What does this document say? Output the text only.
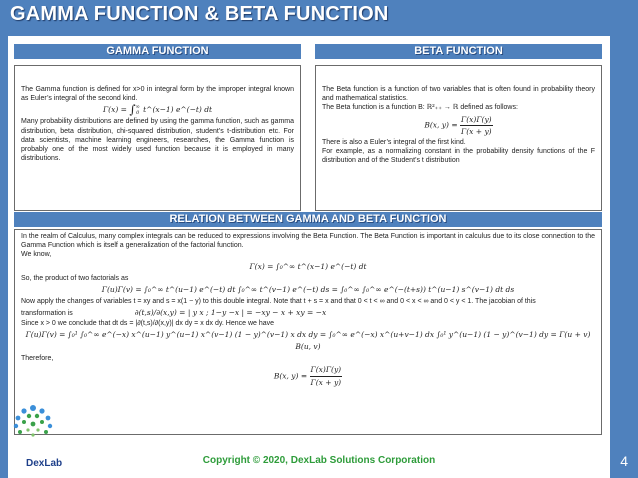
GAMMA FUNCTION & BETA FUNCTION
GAMMA FUNCTION

The Gamma function is defined for x>0 in integral form by the improper integral known as Euler’s integral of the second kind.

Γ(x) = ∫ ∞
0 t^(x−1) e^(−t) dt

Many probability distributions are defined by using the gamma function, such as gamma distribution, beta distribution, chi-squared distribution, student’s t-distribution etc. For data scientists, machine learning engineers, researches, the Gamma function is probably one of the most widely used function because it is employed in many distributions.

BETA FUNCTION

The Beta function is a function of two variables that is often found in probability theory and mathematical statistics.

The Beta function is a function B: ℝ²₊₊ → ℝ defined as follows:

B(x, $y) = \frac{\Gamma(x)\Gamma(y)}{\Gamma(x + y)}$

There is also a Euler’s integral of the first kind.

For example, as a normalizing constant in the probability density functions of the F distribution and of the Student’s t distribution

RELATION BETWEEN GAMMA AND BETA FUNCTION

In the realm of Calculus, many complex integrals can be reduced to expressions involving the Beta Function. The Beta Function is important in calculus due to its close connection to the Gamma Function which is itself a generalization of the factorial function.

We know,

Γ(x) = ∫₀^∞ t^(x−1) e^(−t) dt

So, the product of two factorials as

Γ(u)Γ(v) = ∫₀^∞ t^(u−1) e^(−t) dt ∫₀^∞ t^(v−1) e^(−t) ds = ∫₀^∞ ∫₀^∞ e^(−(t+s)) t^(u−1) s^(v−1) dt ds

Now apply the changes of variables t = xy and s = x(1 − y) to this double integral. Note that t + s = x and that 0 < t < ∞ and 0 < x < ∞ and 0 < y < 1. The jacobian of this

transformation is	∂(t,s)/∂(x,y) = | y x ; 1−y −x | = −xy − x + xy = −x

Since x > 0 we conclude that dt ds = |∂(t,s)/∂(x,y)| dx dy = x dx dy. Hence we have

Γ(u)Γ(v) = ∫₀¹ ∫₀^∞ e^(−x) x^(u−1) y^(u−1) x^(v−1) (1 − y)^(v−1) x dx dy = ∫₀^∞ e^(−x) x^(u+v−1) dx ∫₀¹ y^(u−1) (1 − y)^(v−1) dy = Γ(u + v) B(u, v)

Therefore,

B(x, $y) = \frac{\Gamma(x)\Gamma(y)}{\Gamma(x + y)}$
DexLab	Copyright © 2020, DexLab Solutions Corporation	4
